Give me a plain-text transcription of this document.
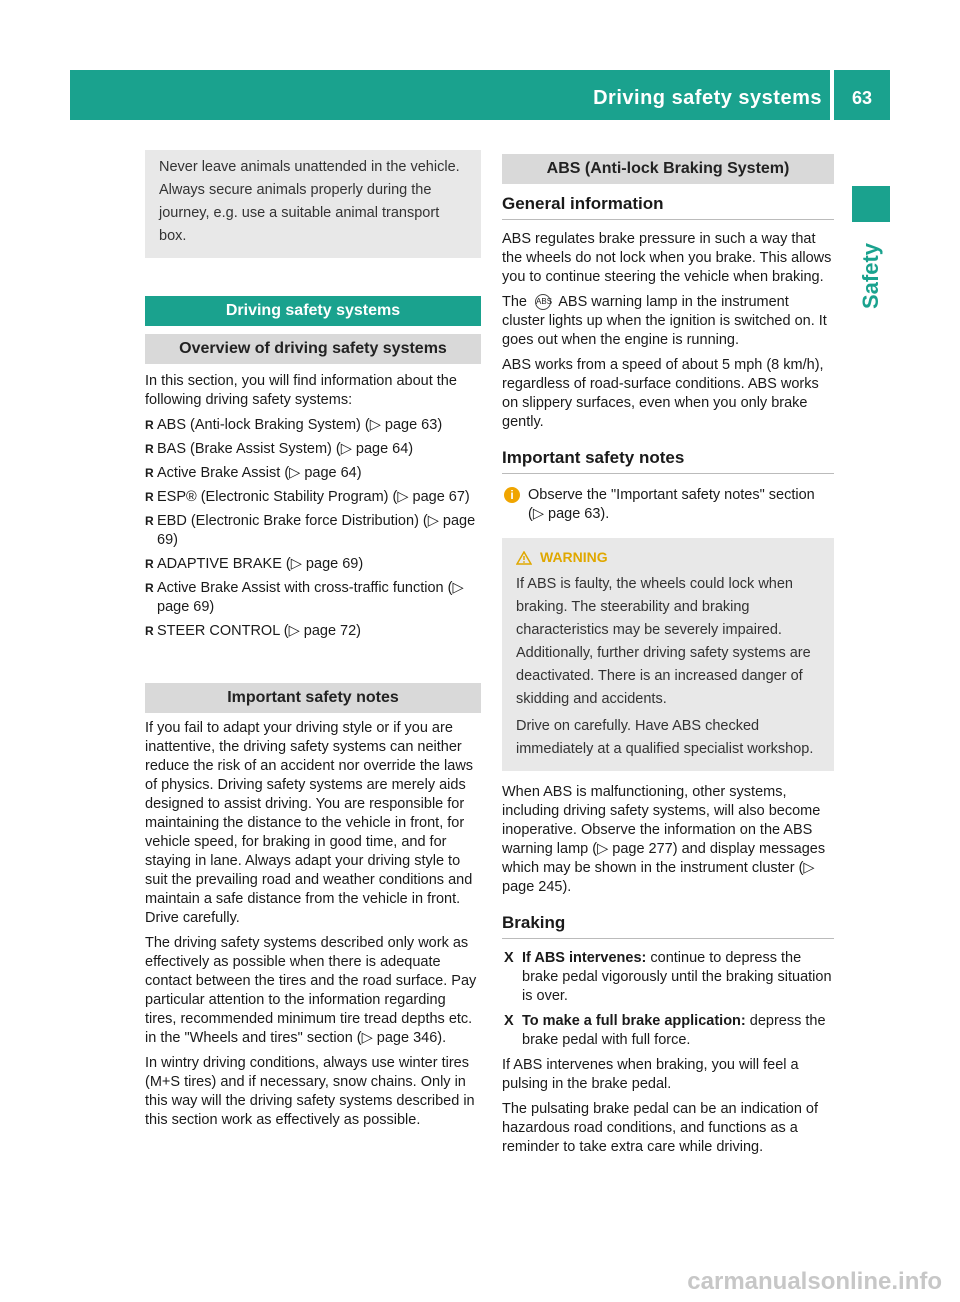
Driving safety systems	63
Safety

Never leave animals unattended in the vehicle. Always secure animals properly during the journey, e.g. use a suitable animal transport box.

Driving safety systems
Overview of driving safety systems

In this section, you will find information about the following driving safety systems:

R ABS (Anti-lock Braking System) (▷ page 63)
R BAS (Brake Assist System) (▷ page 64)
R Active Brake Assist (▷ page 64)
R ESP® (Electronic Stability Program) (▷ page 67)
R EBD (Electronic Brake force Distribution) (▷ page 69)
R ADAPTIVE BRAKE (▷ page 69)
R Active Brake Assist with cross-traffic function (▷ page 69)
R STEER CONTROL (▷ page 72)
Important safety notes

If you fail to adapt your driving style or if you are inattentive, the driving safety systems can neither reduce the risk of an accident nor override the laws of physics. Driving safety systems are merely aids designed to assist driving. You are responsible for maintaining the distance to the vehicle in front, for vehicle speed, for braking in good time, and for staying in lane. Always adapt your driving style to suit the prevailing road and weather conditions and maintain a safe distance from the vehicle in front. Drive carefully.

The driving safety systems described only work as effectively as possible when there is adequate contact between the tires and the road surface. Pay particular attention to the information regarding tires, recommended minimum tire tread depths etc. in the "Wheels and tires" section (▷ page 346).

In wintry driving conditions, always use winter tires (M+S tires) and if necessary, snow chains. Only in this way will the driving safety systems described in this section work as effectively as possible.

ABS (Anti-lock Braking System)
General information

ABS regulates brake pressure in such a way that the wheels do not lock when you brake. This allows you to continue steering the vehicle when braking.

The ABS ABS warning lamp in the instrument cluster lights up when the ignition is switched on. It goes out when the engine is running.

ABS works from a speed of about 5 mph (8 km/h), regardless of road-surface conditions. ABS works on slippery surfaces, even when you only brake gently.

Important safety notes
i Observe the "Important safety notes" section (▷ page 63).
WARNING

If ABS is faulty, the wheels could lock when braking. The steerability and braking characteristics may be severely impaired. Additionally, further driving safety systems are deactivated. There is an increased danger of skidding and accidents.

Drive on carefully. Have ABS checked immediately at a qualified specialist workshop.

When ABS is malfunctioning, other systems, including driving safety systems, will also become inoperative. Observe the information on the ABS warning lamp (▷ page 277) and display messages which may be shown in the instrument cluster (▷ page 245).

Braking
X If ABS intervenes: continue to depress the brake pedal vigorously until the braking situation is over.
X To make a full brake application: depress the brake pedal with full force.

If ABS intervenes when braking, you will feel a pulsing in the brake pedal.

The pulsating brake pedal can be an indication of hazardous road conditions, and functions as a reminder to take extra care while driving.

carmanualsonline.info
